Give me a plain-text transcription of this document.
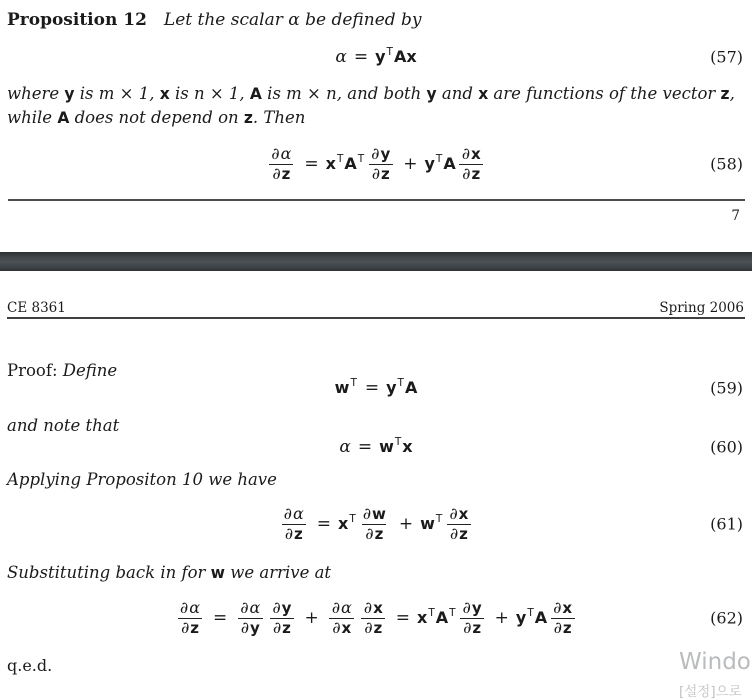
Proposition 12   Let the scalar α be defined by
$\alpha = y^TAx$	(57)
where y is m × 1, x is n × 1, A is m × n, and both y and x are functions of the vector z,
while A does not depend on z. Then
$\frac{\partial\alpha}{\partial z} = x^TA^T \frac{\partial y}{\partial z} + y^TA \frac{\partial x}{\partial z}$	(58)
7
CE 8361	Spring 2006
Proof: Define
$w^T = y^TA$	(59)
and note that
$\alpha = w^Tx$	(60)
Applying Propositon 10 we have
$\frac{\partial\alpha}{\partial z} = x^T \frac{\partial w}{\partial z} + w^T \frac{\partial x}{\partial z}$	(61)
Substituting back in for w we arrive at
$\frac{\partial\alpha}{\partial z} = \frac{\partial\alpha}{\partial y} \frac{\partial y}{\partial z} + \frac{\partial\alpha}{\partial x} \frac{\partial x}{\partial z} = x^TA^T \frac{\partial y}{\partial z} + y^TA \frac{\partial x}{\partial z}$	(62)
q.e.d.	Windo
[설정]으로
